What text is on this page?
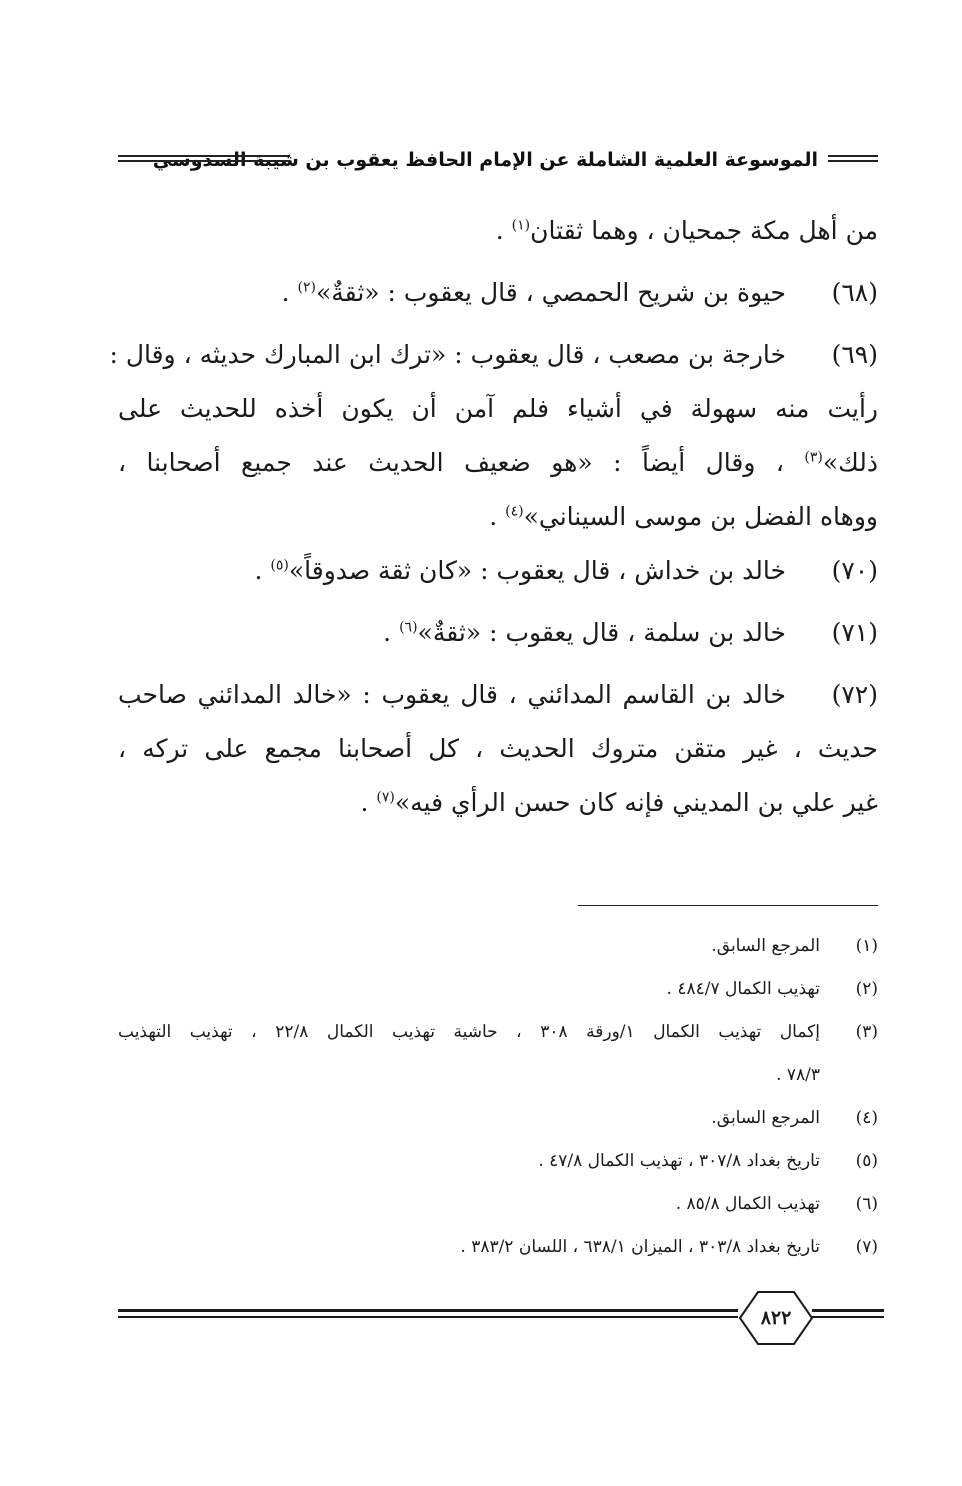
الموسوعة العلمية الشاملة عن الإمام الحافظ يعقوب بن شيبة السدوسي
من أهل مكة جمحيان ، وهما ثقتان$^{(١)}$ .
(٦٨)
حيوة بن شريح الحمصي ، قال يعقوب : «ثقةٌ»$^{(٢)}$ .
(٦٩)
خارجة بن مصعب ، قال يعقوب : «ترك ابن المبارك حديثه ، وقال :
رأيت منه سهولة في أشياء فلم آمن أن يكون أخذه للحديث على
ذلك»$^{(٣)}$ ، وقال أيضاً : «هو ضعيف الحديث عند جميع أصحابنا ،
ووهاه الفضل بن موسى السيناني»$^{(٤)}$ .
(٧٠)
خالد بن خداش ، قال يعقوب : «كان ثقة صدوقاً»$^{(٥)}$ .
(٧١)
خالد بن سلمة ، قال يعقوب : «ثقةٌ»$^{(٦)}$ .
(٧٢)
خالد بن القاسم المدائني ، قال يعقوب : «خالد المدائني صاحب
حديث ، غير متقن متروك الحديث ، كل أصحابنا مجمع على تركه ،
غير علي بن المديني فإنه كان حسن الرأي فيه»$^{(٧)}$ .
(١)
المرجع السابق.
(٢)
تهذيب الكمال ٤٨٤/٧ .
(٣)
إكمال تهذيب الكمال ١/ورقة ٣٠٨ ، حاشية تهذيب الكمال ٢٢/٨ ، تهذيب التهذيب
٧٨/٣ .
(٤)
المرجع السابق.
(٥)
تاريخ بغداد ٣٠٧/٨ ، تهذيب الكمال ٤٧/٨ .
(٦)
تهذيب الكمال ٨٥/٨ .
(٧)
تاريخ بغداد ٣٠٣/٨ ، الميزان ٦٣٨/١ ، اللسان ٣٨٣/٢ .
٨٢٢
